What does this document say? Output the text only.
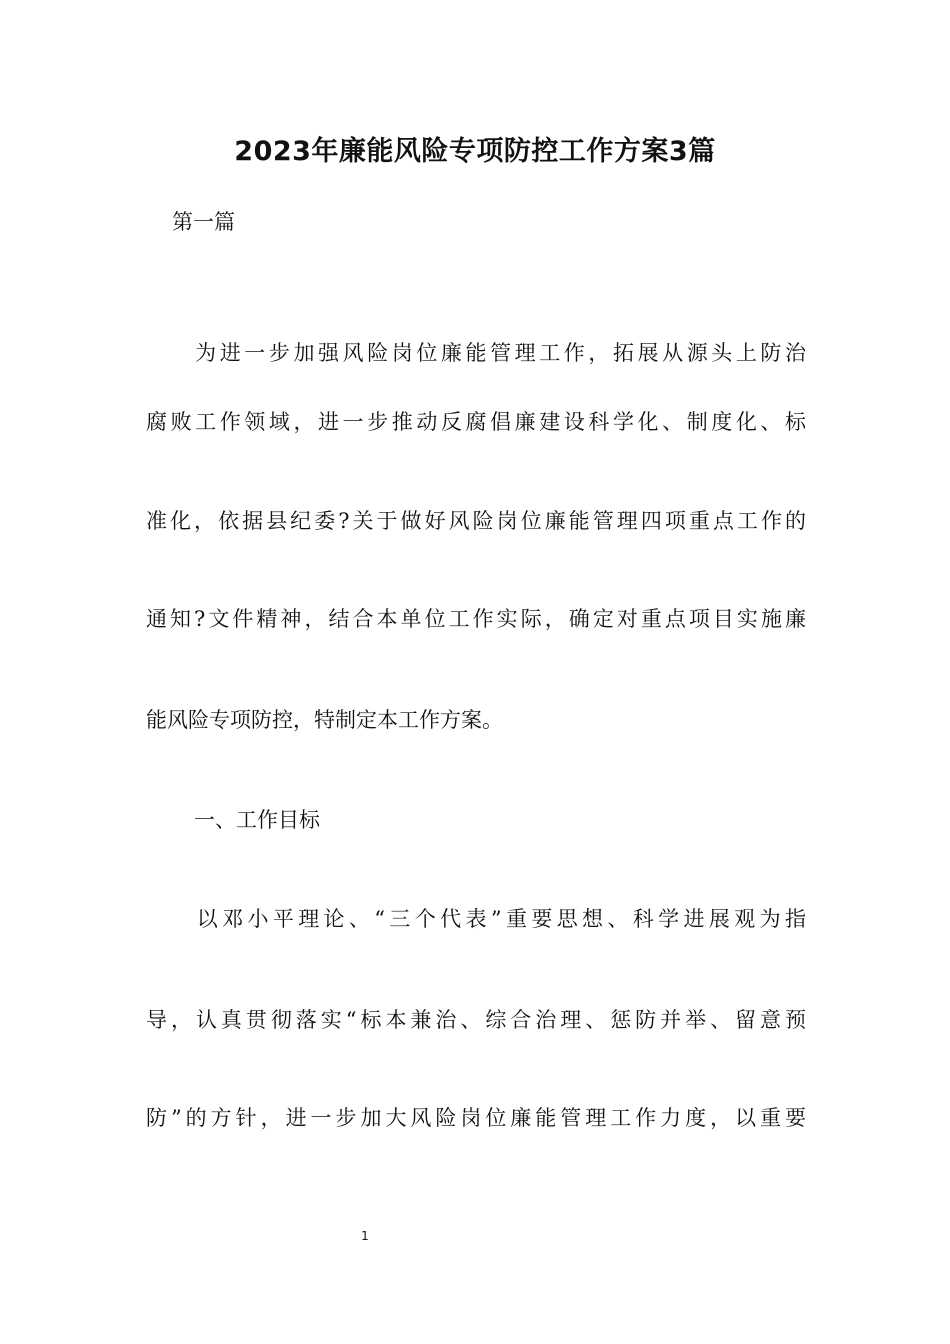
2023年廉能风险专项防控工作方案3篇
第一篇
　　为进一步加强风险岗位廉能管理工作，拓展从源头上防治
腐败工作领域，进一步推动反腐倡廉建设科学化、制度化、标
准化，依据县纪委?关于做好风险岗位廉能管理四项重点工作的
通知?文件精神，结合本单位工作实际，确定对重点项目实施廉
能风险专项防控，特制定本工作方案。
一、工作目标
　　以邓小平理论、“三个代表”重要思想、科学进展观为指
导，认真贯彻落实“标本兼治、综合治理、惩防并举、留意预
防”的方针，进一步加大风险岗位廉能管理工作力度，以重要
1
